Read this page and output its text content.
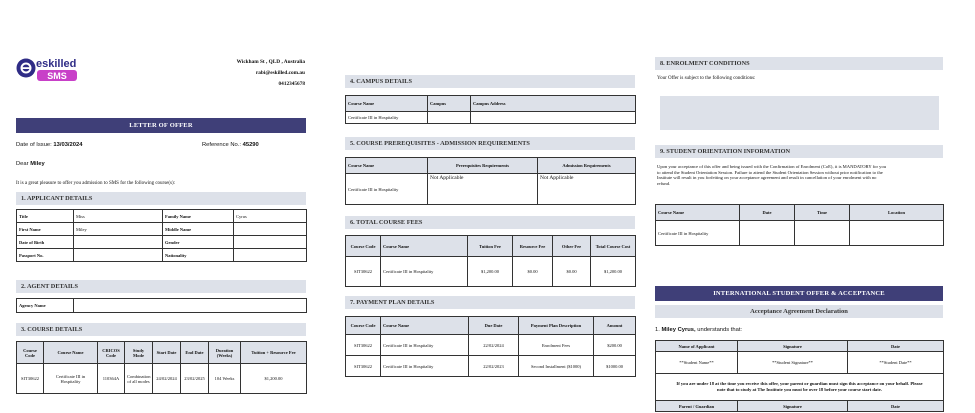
eskilled
SMS
Wickham St , QLD , Australia
rabi@eskilled.com.au
0412345678
LETTER OF OFFER
Date of Issue: 13/03/2024	Reference No.: 45290
Dear Miley
It is a great pleasure to offer you admission to SMS for the following course(s):
1. APPLICANT DETAILS
Title	Miss	Family Name	Cyrus
First Name	Miley	Middle Name	
Date of Birth		Gender	
Passport No.		Nationality	
2. AGENT DETAILS
Agency Name	
3. COURSE DETAILS
Course Code	Course Name	CRICOS Code	Study Mode	Start Date	End Date	Duration (Weeks)	Tuition + Resource Fee
SIT30622	Certificate III in Hospitality	110364A	Combination of all modes	24/02/2024	23/02/2025	104 Weeks	$1,200.00
4. CAMPUS DETAILS
Course Name	Campus	Campus Address
Certificate III in Hospitality		
5. COURSE PREREQUISITES - ADMISSION REQUIREMENTS
Course Name	Prerequisites Requirements	Admission Requirements
Certificate III in Hospitality	Not Applicable	Not Applicable
6. TOTAL COURSE FEES
Course Code	Course Name	Tuition Fee	Resource Fee	Other Fee	Total Course Cost
SIT30622	Certificate III in Hospitality	$1,200.00	$0.00	$0.00	$1,200.00
7. PAYMENT PLAN DETAILS
Course Code	Course Name	Due Date	Payment Plan Description	Amount
SIT30622	Certificate III in Hospitality	22/02/2024	Enrolment Fees	$200.00
SIT30622	Certificate III in Hospitality	22/02/2023	Second Installment ($1000)	$1000.00
8. ENROLMENT CONDITIONS
Your Offer is subject to the following conditions:
9. STUDENT ORIENTATION INFORMATION
Upon your acceptance of this offer and being issued with the Confirmation of Enrolment (CoE), it is MANDATORY for you to attend the Student Orientation Session. Failure to attend the Student Orientation Session without prior notification to the Institute will result in you forfeiting on your acceptance agreement and result in cancellation of your enrolment with no refund.
Course Name	Date	Time	Location
Certificate III in Hospitality			
INTERNATIONAL STUDENT OFFER & ACCEPTANCE
Acceptance Agreement Declaration
1. Miley Cyrus, understands that:
Name of Applicant	Signature	Date
**Student Name**	**Student Signature**	**Student Date**
If you are under 18 at the time you receive this offer, your parent or guardian must sign this acceptance on your behalf. Please note that to study at The Institute you must be over 18 before your course start date.		
Parent / Guardian	Signature	Date
